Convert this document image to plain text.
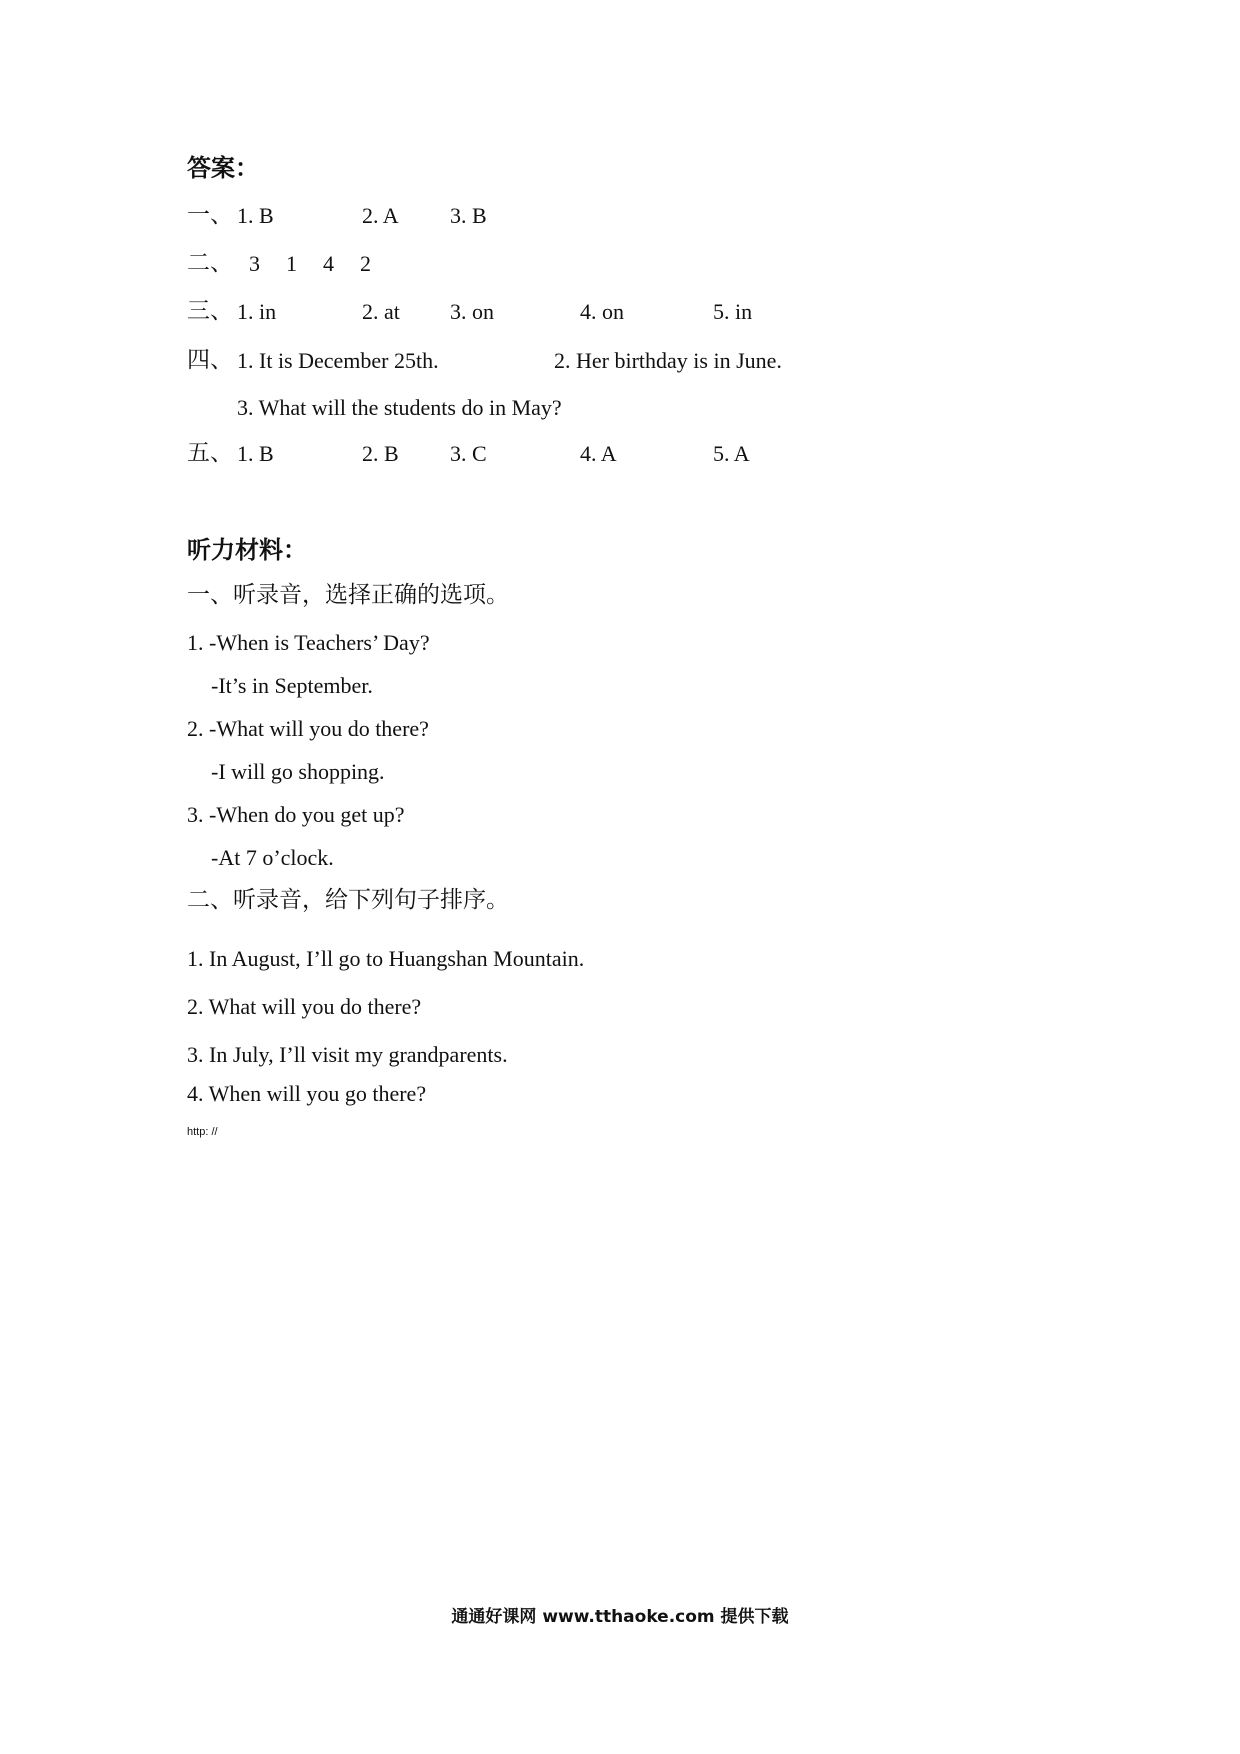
答案：
一、 1. B	2. A 3. B
二、 3 1 4 2
三、 1. in	2. at 3. on	4. on	5. in
四、 1. It is December 25th.	2. Her birthday is in June.
3. What will the students do in May?
五、 1. B	2. B 3. C	4. A	5. A
听力材料：
一、听录音，选择正确的选项。
1. -When is Teachers’ Day?
-It’s in September.
2. -What will you do there?
-I will go shopping.
3. -When do you get up?
-At 7 o’clock.
二、听录音，给下列句子排序。
1. In August, I’ll go to Huangshan Mountain.
2. What will you do there?
3. In July, I’ll visit my grandparents.
4. When will you go there?
http: //
通通好课网 www.tthaoke.com 提供下载
